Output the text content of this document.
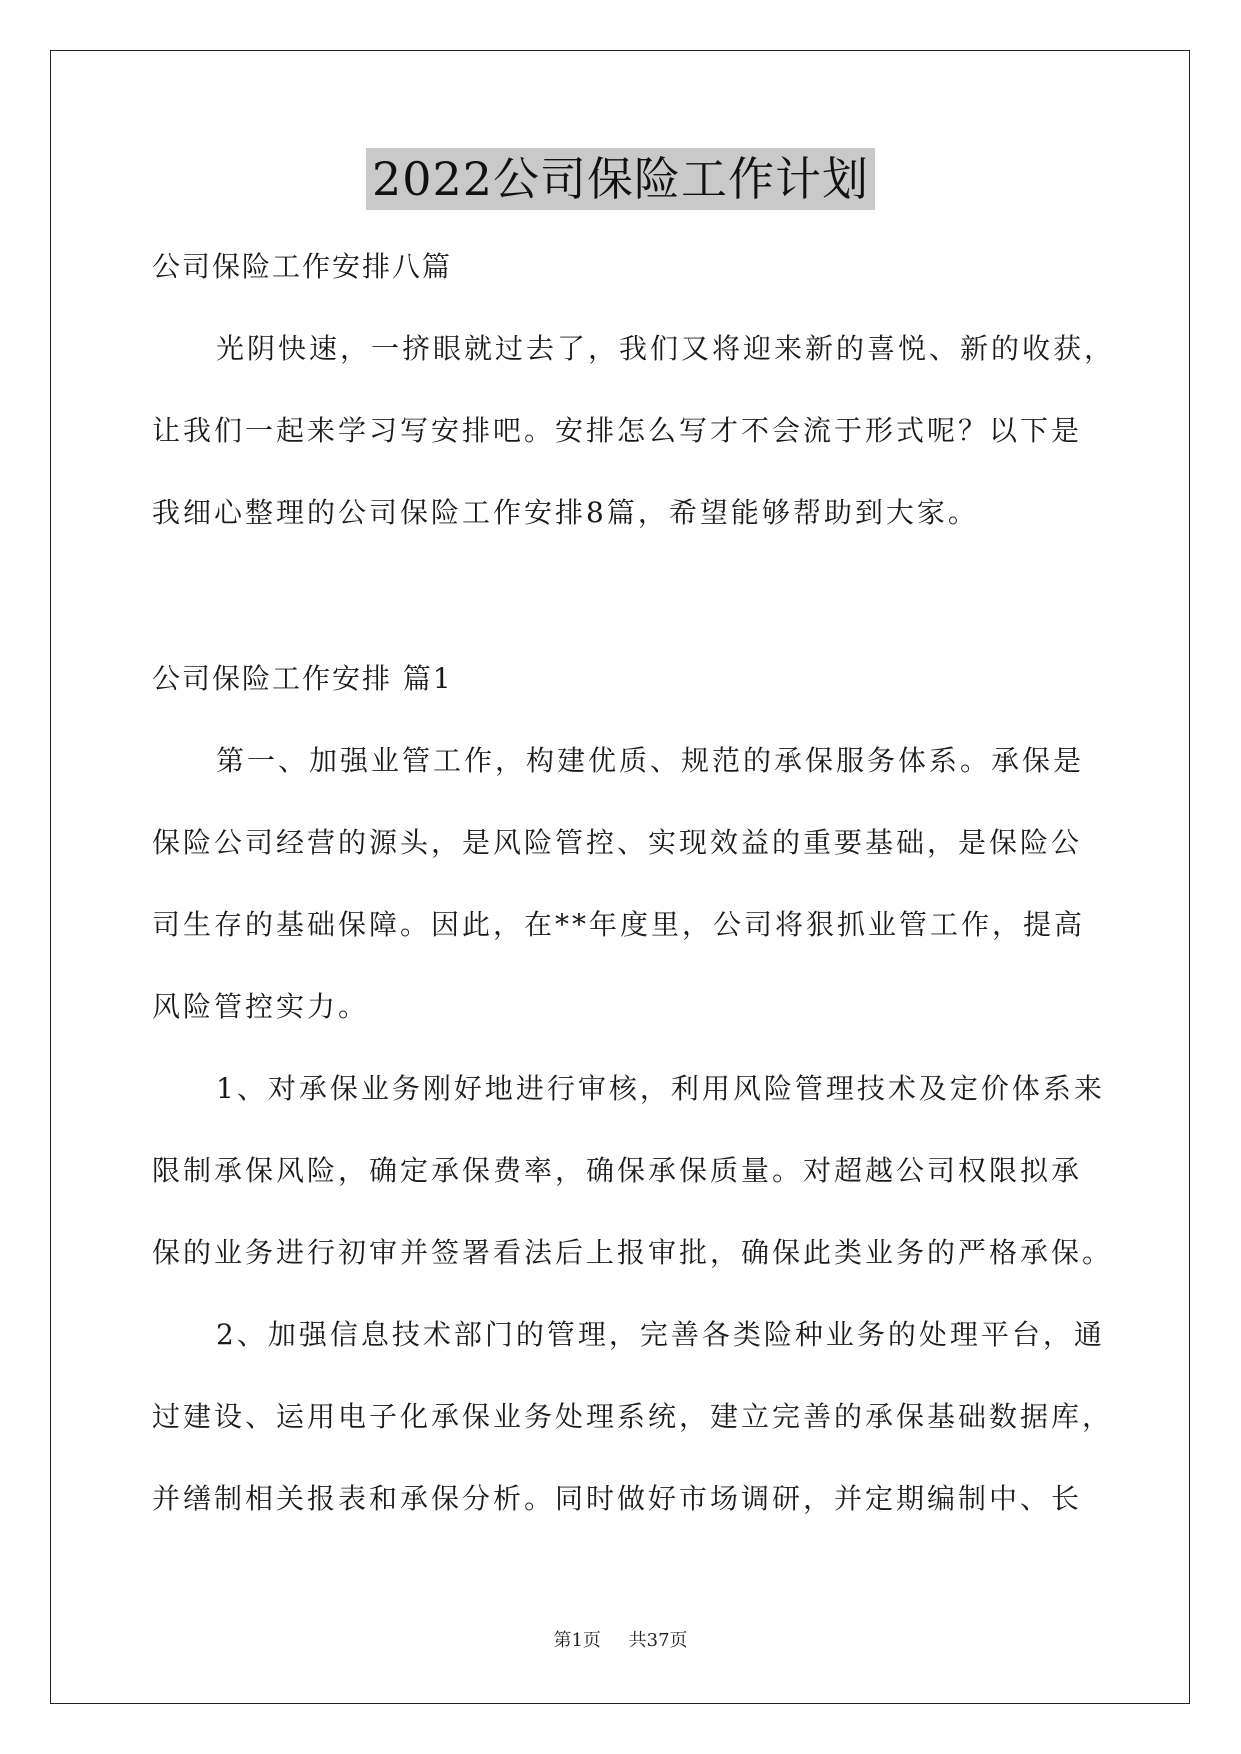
2022公司保险工作计划
公司保险工作安排八篇
光阴快速，一挤眼就过去了，我们又将迎来新的喜悦、新的收获，
让我们一起来学习写安排吧。安排怎么写才不会流于形式呢？以下是
我细心整理的公司保险工作安排8篇，希望能够帮助到大家。
公司保险工作安排 篇1
第一、加强业管工作，构建优质、规范的承保服务体系。承保是
保险公司经营的源头，是风险管控、实现效益的重要基础，是保险公
司生存的基础保障。因此，在**年度里，公司将狠抓业管工作，提高
风险管控实力。
1、对承保业务刚好地进行审核，利用风险管理技术及定价体系来
限制承保风险，确定承保费率，确保承保质量。对超越公司权限拟承
保的业务进行初审并签署看法后上报审批，确保此类业务的严格承保。
2、加强信息技术部门的管理，完善各类险种业务的处理平台，通
过建设、运用电子化承保业务处理系统，建立完善的承保基础数据库，
并缮制相关报表和承保分析。同时做好市场调研，并定期编制中、长
第1页 共37页
